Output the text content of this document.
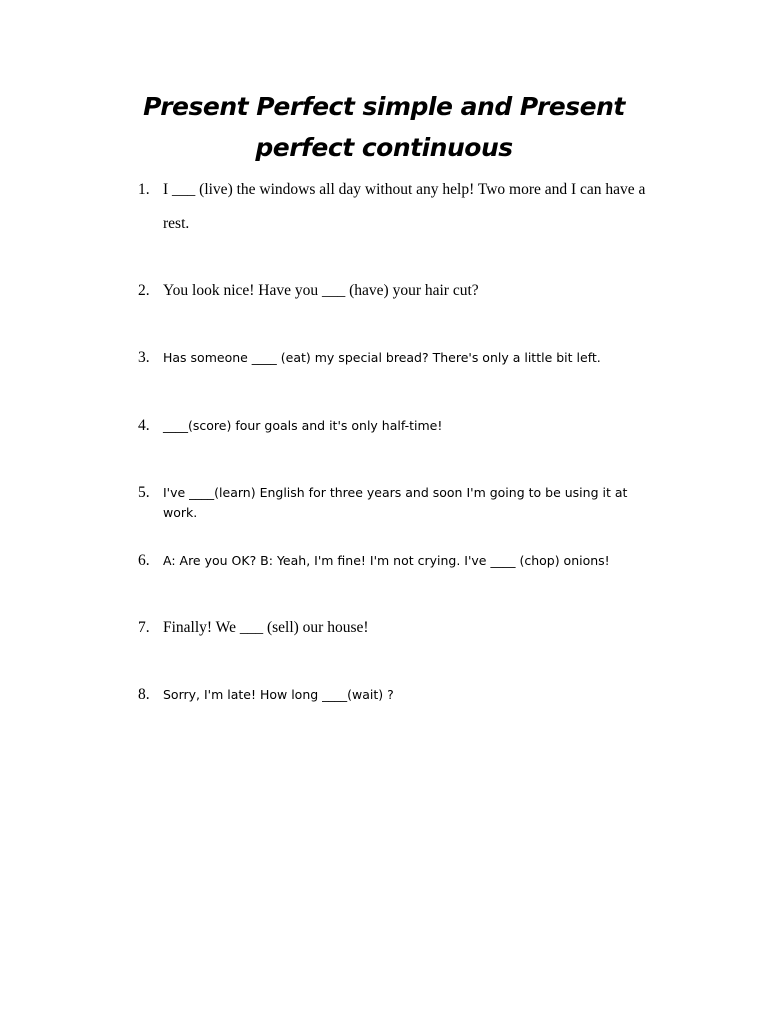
Present Perfect simple and Present
perfect continuous
1. I ___ (live) the windows all day without any help! Two more and I can have a rest.
2. You look nice! Have you ___ (have) your hair cut?
3.	Has someone ____ (eat) my special bread? There's only a little bit left.
4.	____(score) four goals and it's only half-time!
5.	I've ____(learn) English for three years and soon I'm going to be using it at work.
6.	A: Are you OK? B: Yeah, I'm fine! I'm not crying. I've ____ (chop) onions!
7. Finally! We ___ (sell) our house!
8.	Sorry, I'm late! How long ____(wait) ?
